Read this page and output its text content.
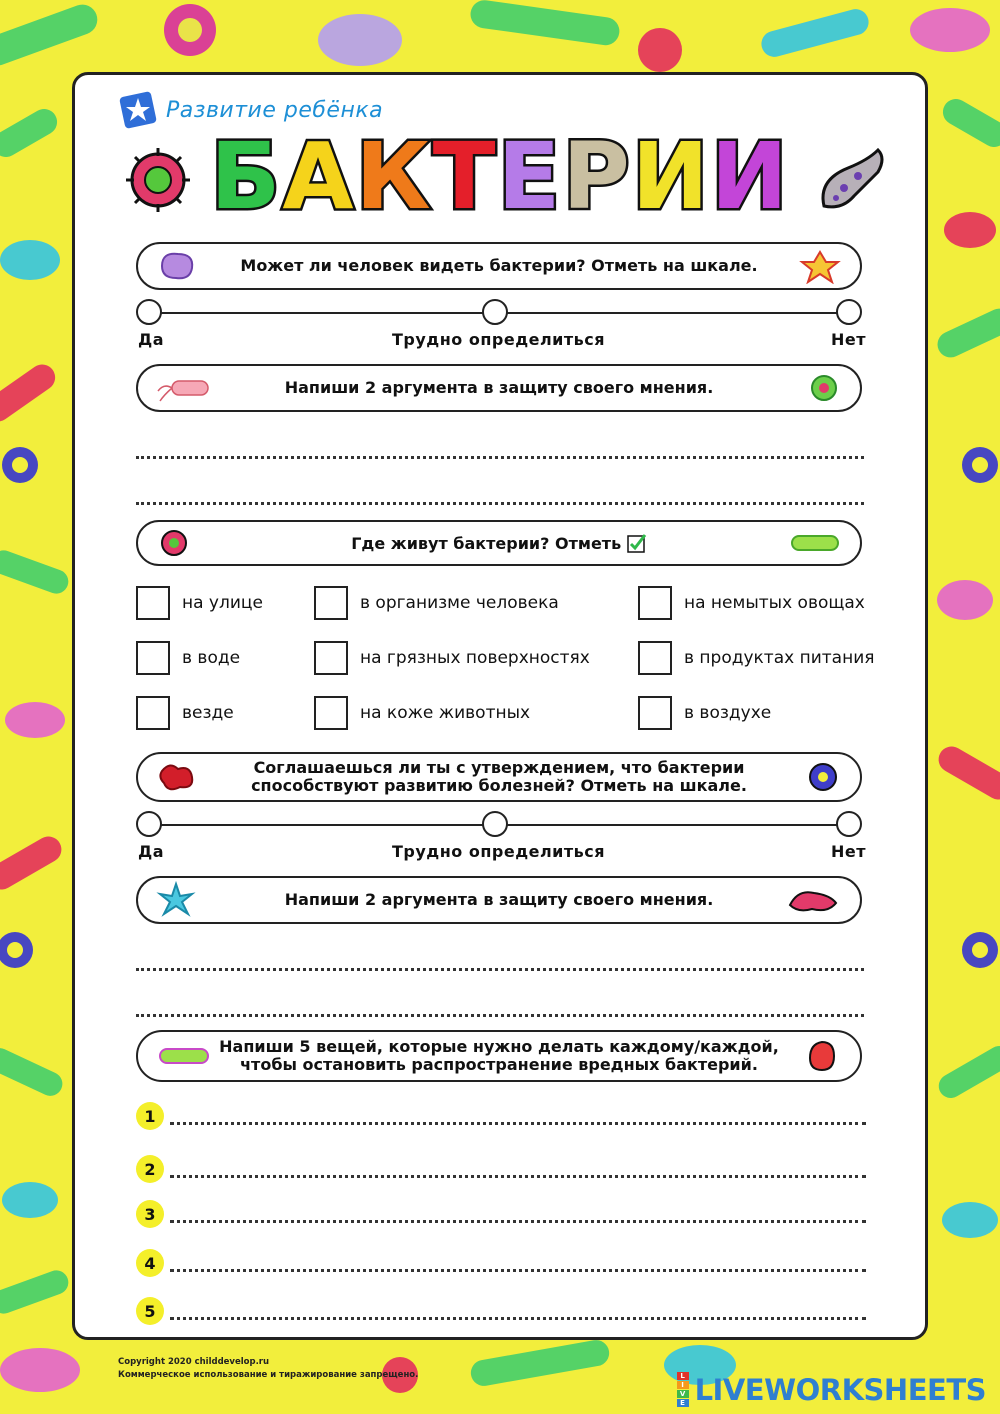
Развитие ребёнка
БАКТЕРИИ
Может ли человек видеть бактерии? Отметь на шкале.
Да	Трудно определиться	Нет
Напиши 2 аргумента в защиту своего мнения.
Где живут бактерии? Отметь
на улице	в организме человека	на немытых овощах
в воде	на грязных поверхностях	в продуктах питания
везде	на коже животных	в воздухе
Соглашаешься ли ты с утверждением, что бактерии
способствуют развитию болезней? Отметь на шкале.
Да	Трудно определиться	Нет
Напиши 2 аргумента в защиту своего мнения.
Напиши 5 вещей, которые нужно делать каждому/каждой,
чтобы остановить распространение вредных бактерий.
1
2
3
4
5
Copyright 2020 childdevelop.ru
Коммерческое использование и тиражирование запрещено.	L
I
V
E LIVEWORKSHEETS
